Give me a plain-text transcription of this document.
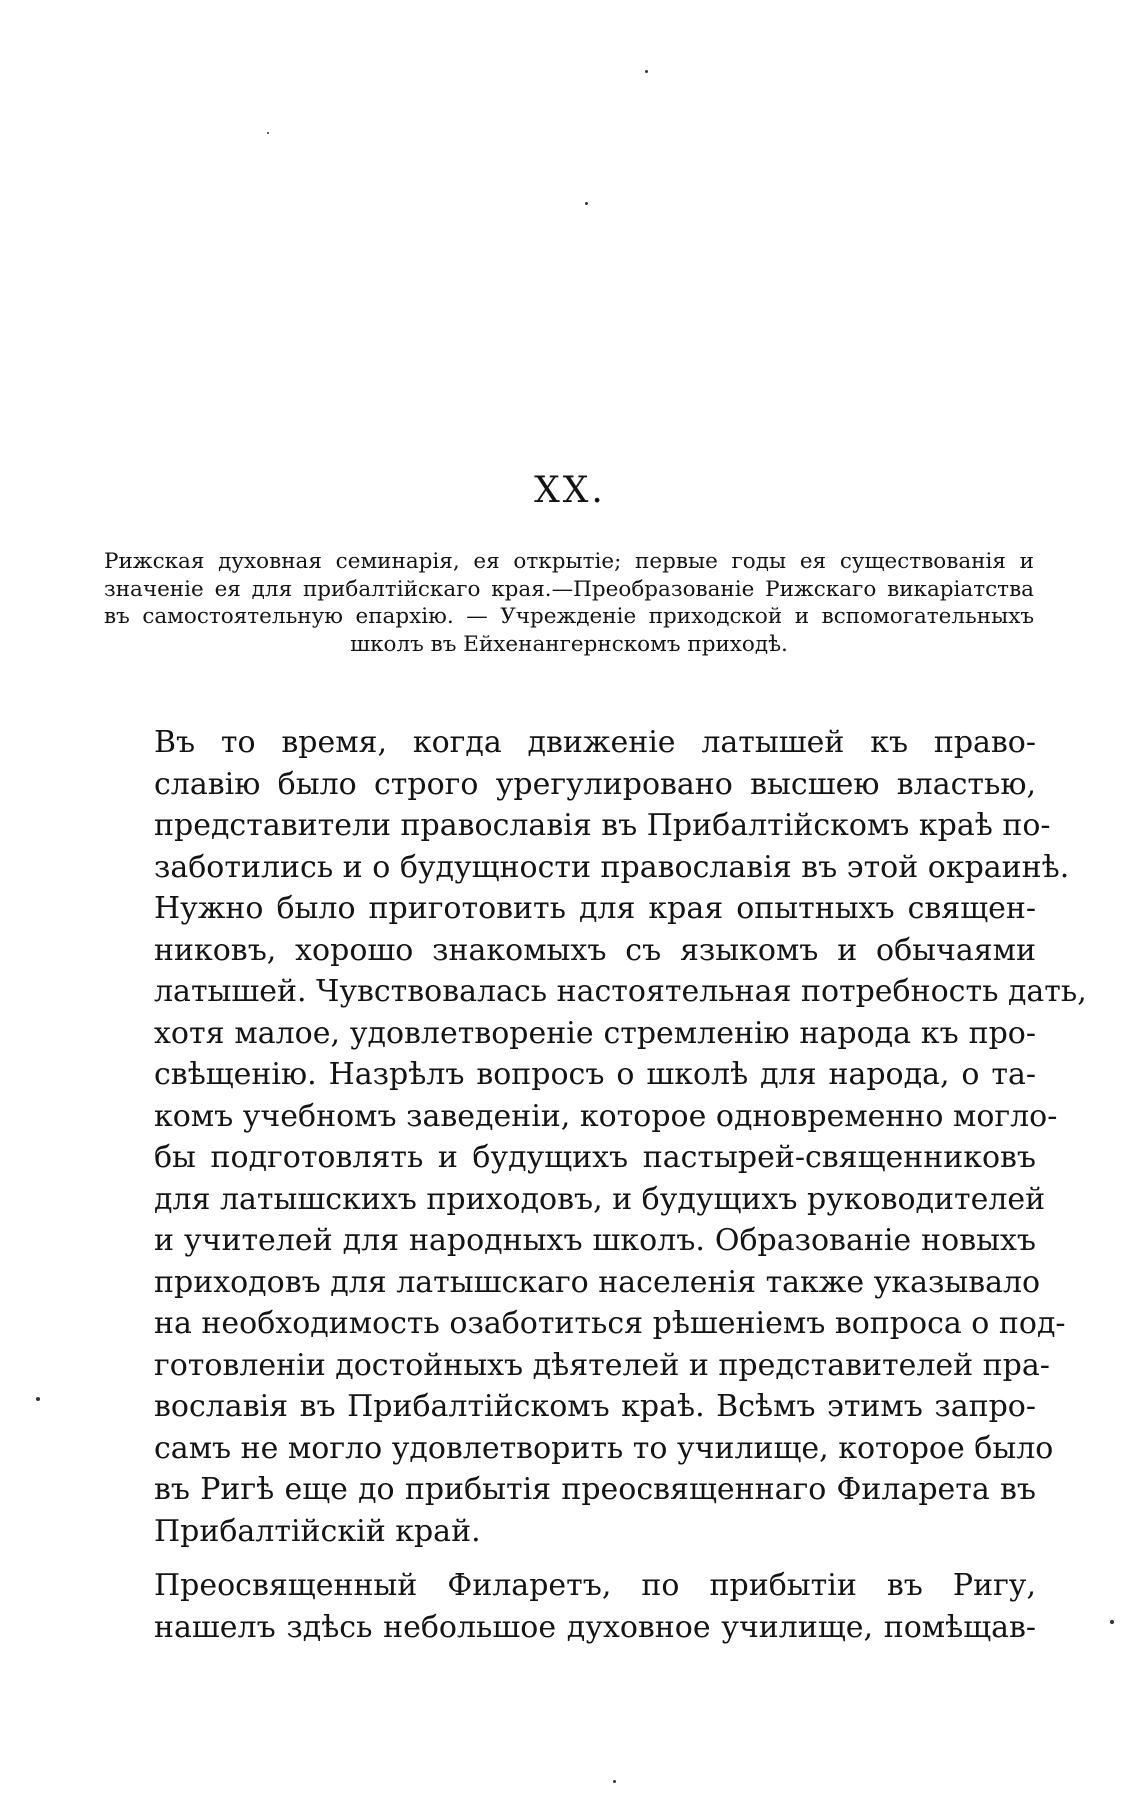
XX.
Рижская духовная семинарія, ея открытіе; первые годы ея существованія и значеніе ея для прибалтійскаго края.—Преобразованіе Рижскаго викаріатства въ самостоятельную епархію. — Учрежденіе приходской и вспомогательныхъ школъ въ Ейхенангернскомъ приходѣ.

Въ то время, когда движеніе латышей къ право-
славію было строго урегулировано высшею властью,
представители православія въ Прибалтійскомъ краѣ по-
заботились и о будущности православія въ этой окраинѣ.
Нужно было приготовить для края опытныхъ священ-
никовъ, хорошо знакомыхъ съ языкомъ и обычаями
латышей. Чувствовалась настоятельная потребность дать,
хотя малое, удовлетвореніе стремленію народа къ про-
свѣщенію. Назрѣлъ вопросъ о школѣ для народа, о та-
комъ учебномъ заведеніи, которое одновременно моглo-
бы подготовлять и будущихъ пастырей-священниковъ
для латышскихъ приходовъ, и будущихъ руководителей
и учителей для народныхъ школъ. Образованіе новыхъ
приходовъ для латышскаго населенія также указывало
на необходимость озаботиться рѣшеніемъ вопроса о под-
готовленіи достойныхъ дѣятелей и представителей пра-
вославія въ Прибалтійскомъ краѣ. Всѣмъ этимъ запро-
самъ не могло удовлетворить то училище, которое было
въ Ригѣ еще до прибытія преосвященнаго Филарета въ
Прибалтійскій край.

Преосвященный Филаретъ, по прибытіи въ Ригу,
нашелъ здѣсь небольшое духовное училище, помѣщав-
